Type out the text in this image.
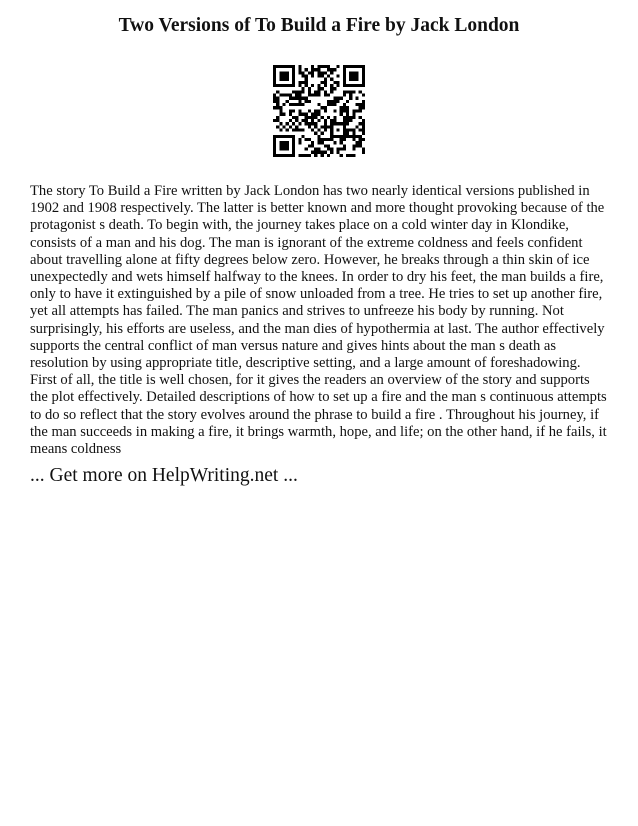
Two Versions of To Build a Fire by Jack London

The story To Build a Fire written by Jack London has two nearly identical versions published in 1902 and 1908 respectively. The latter is better known and more thought provoking because of the protagonist s death. To begin with, the journey takes place on a cold winter day in Klondike, consists of a man and his dog. The man is ignorant of the extreme coldness and feels confident about travelling alone at fifty degrees below zero. However, he breaks through a thin skin of ice unexpectedly and wets himself halfway to the knees. In order to dry his feet, the man builds a fire, only to have it extinguished by a pile of snow unloaded from a tree. He tries to set up another fire, yet all attempts has failed. The man panics and strives to unfreeze his body by running. Not surprisingly, his efforts are useless, and the man dies of hypothermia at last. The author effectively supports the central conflict of man versus nature and gives hints about the man s death as resolution by using appropriate title, descriptive setting, and a large amount of foreshadowing.

First of all, the title is well chosen, for it gives the readers an overview of the story and supports the plot effectively. Detailed descriptions of how to set up a fire and the man s continuous attempts to do so reflect that the story evolves around the phrase to build a fire . Throughout his journey, if the man succeeds in making a fire, it brings warmth, hope, and life; on the other hand, if he fails, it means coldness

... Get more on HelpWriting.net ...
